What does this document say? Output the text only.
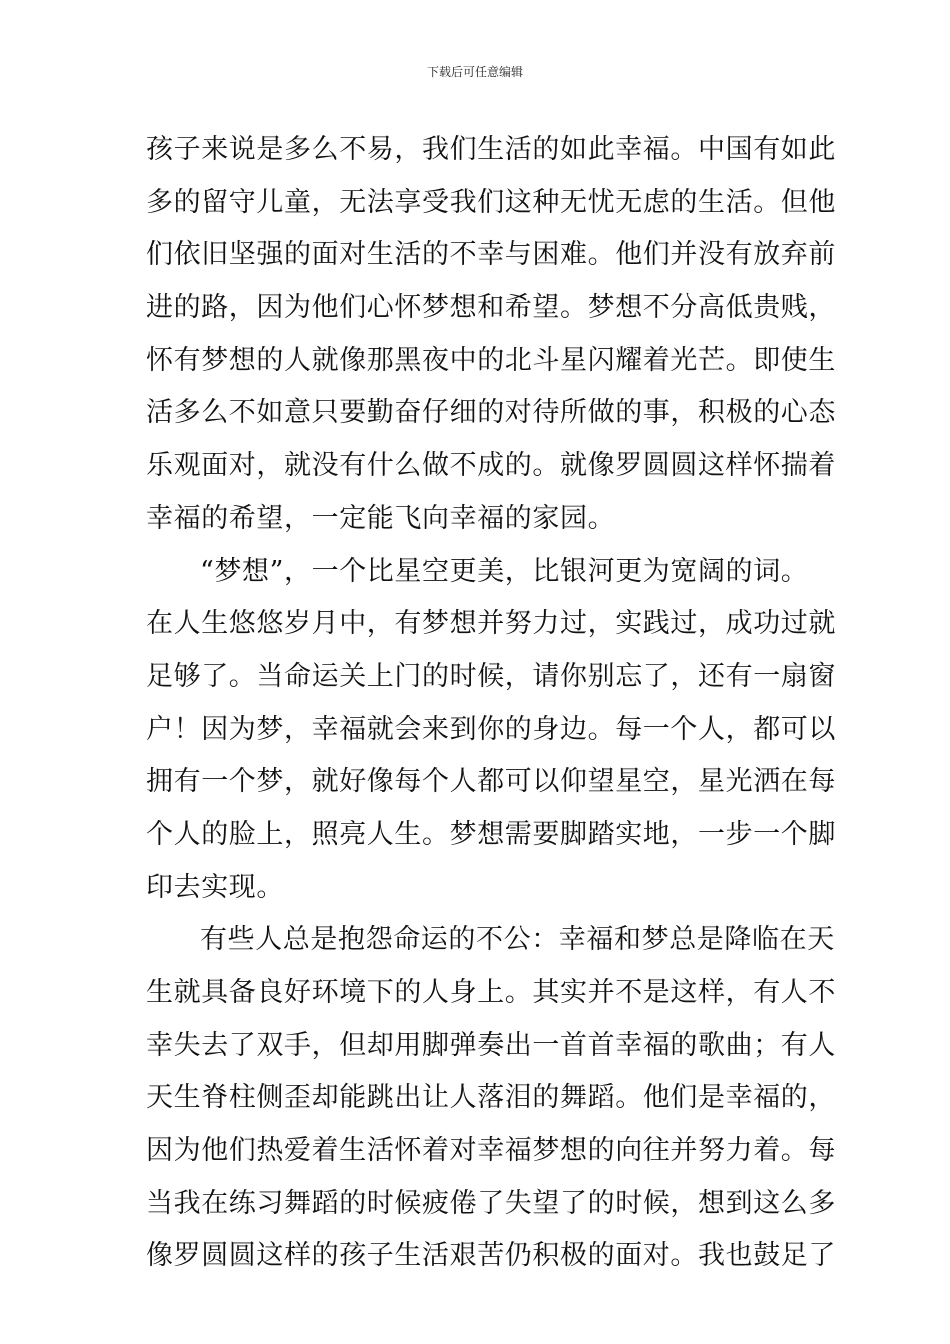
下载后可任意编辑
孩子来说是多么不易，我们生活的如此幸福。中国有如此
多的留守儿童，无法享受我们这种无忧无虑的生活。但他
们依旧坚强的面对生活的不幸与困难。他们并没有放弃前
进的路，因为他们心怀梦想和希望。梦想不分高低贵贱，
怀有梦想的人就像那黑夜中的北斗星闪耀着光芒。即使生
活多么不如意只要勤奋仔细的对待所做的事，积极的心态
乐观面对，就没有什么做不成的。就像罗圆圆这样怀揣着
幸福的希望，一定能飞向幸福的家园。
“梦想”，一个比星空更美，比银河更为宽阔的词。
在人生悠悠岁月中，有梦想并努力过，实践过，成功过就
足够了。当命运关上门的时候，请你别忘了，还有一扇窗
户！因为梦，幸福就会来到你的身边。每一个人，都可以
拥有一个梦，就好像每个人都可以仰望星空，星光洒在每
个人的脸上，照亮人生。梦想需要脚踏实地，一步一个脚
印去实现。
有些人总是抱怨命运的不公：幸福和梦总是降临在天
生就具备良好环境下的人身上。其实并不是这样，有人不
幸失去了双手，但却用脚弹奏出一首首幸福的歌曲；有人
天生脊柱侧歪却能跳出让人落泪的舞蹈。他们是幸福的，
因为他们热爱着生活怀着对幸福梦想的向往并努力着。每
当我在练习舞蹈的时候疲倦了失望了的时候，想到这么多
像罗圆圆这样的孩子生活艰苦仍积极的面对。我也鼓足了
